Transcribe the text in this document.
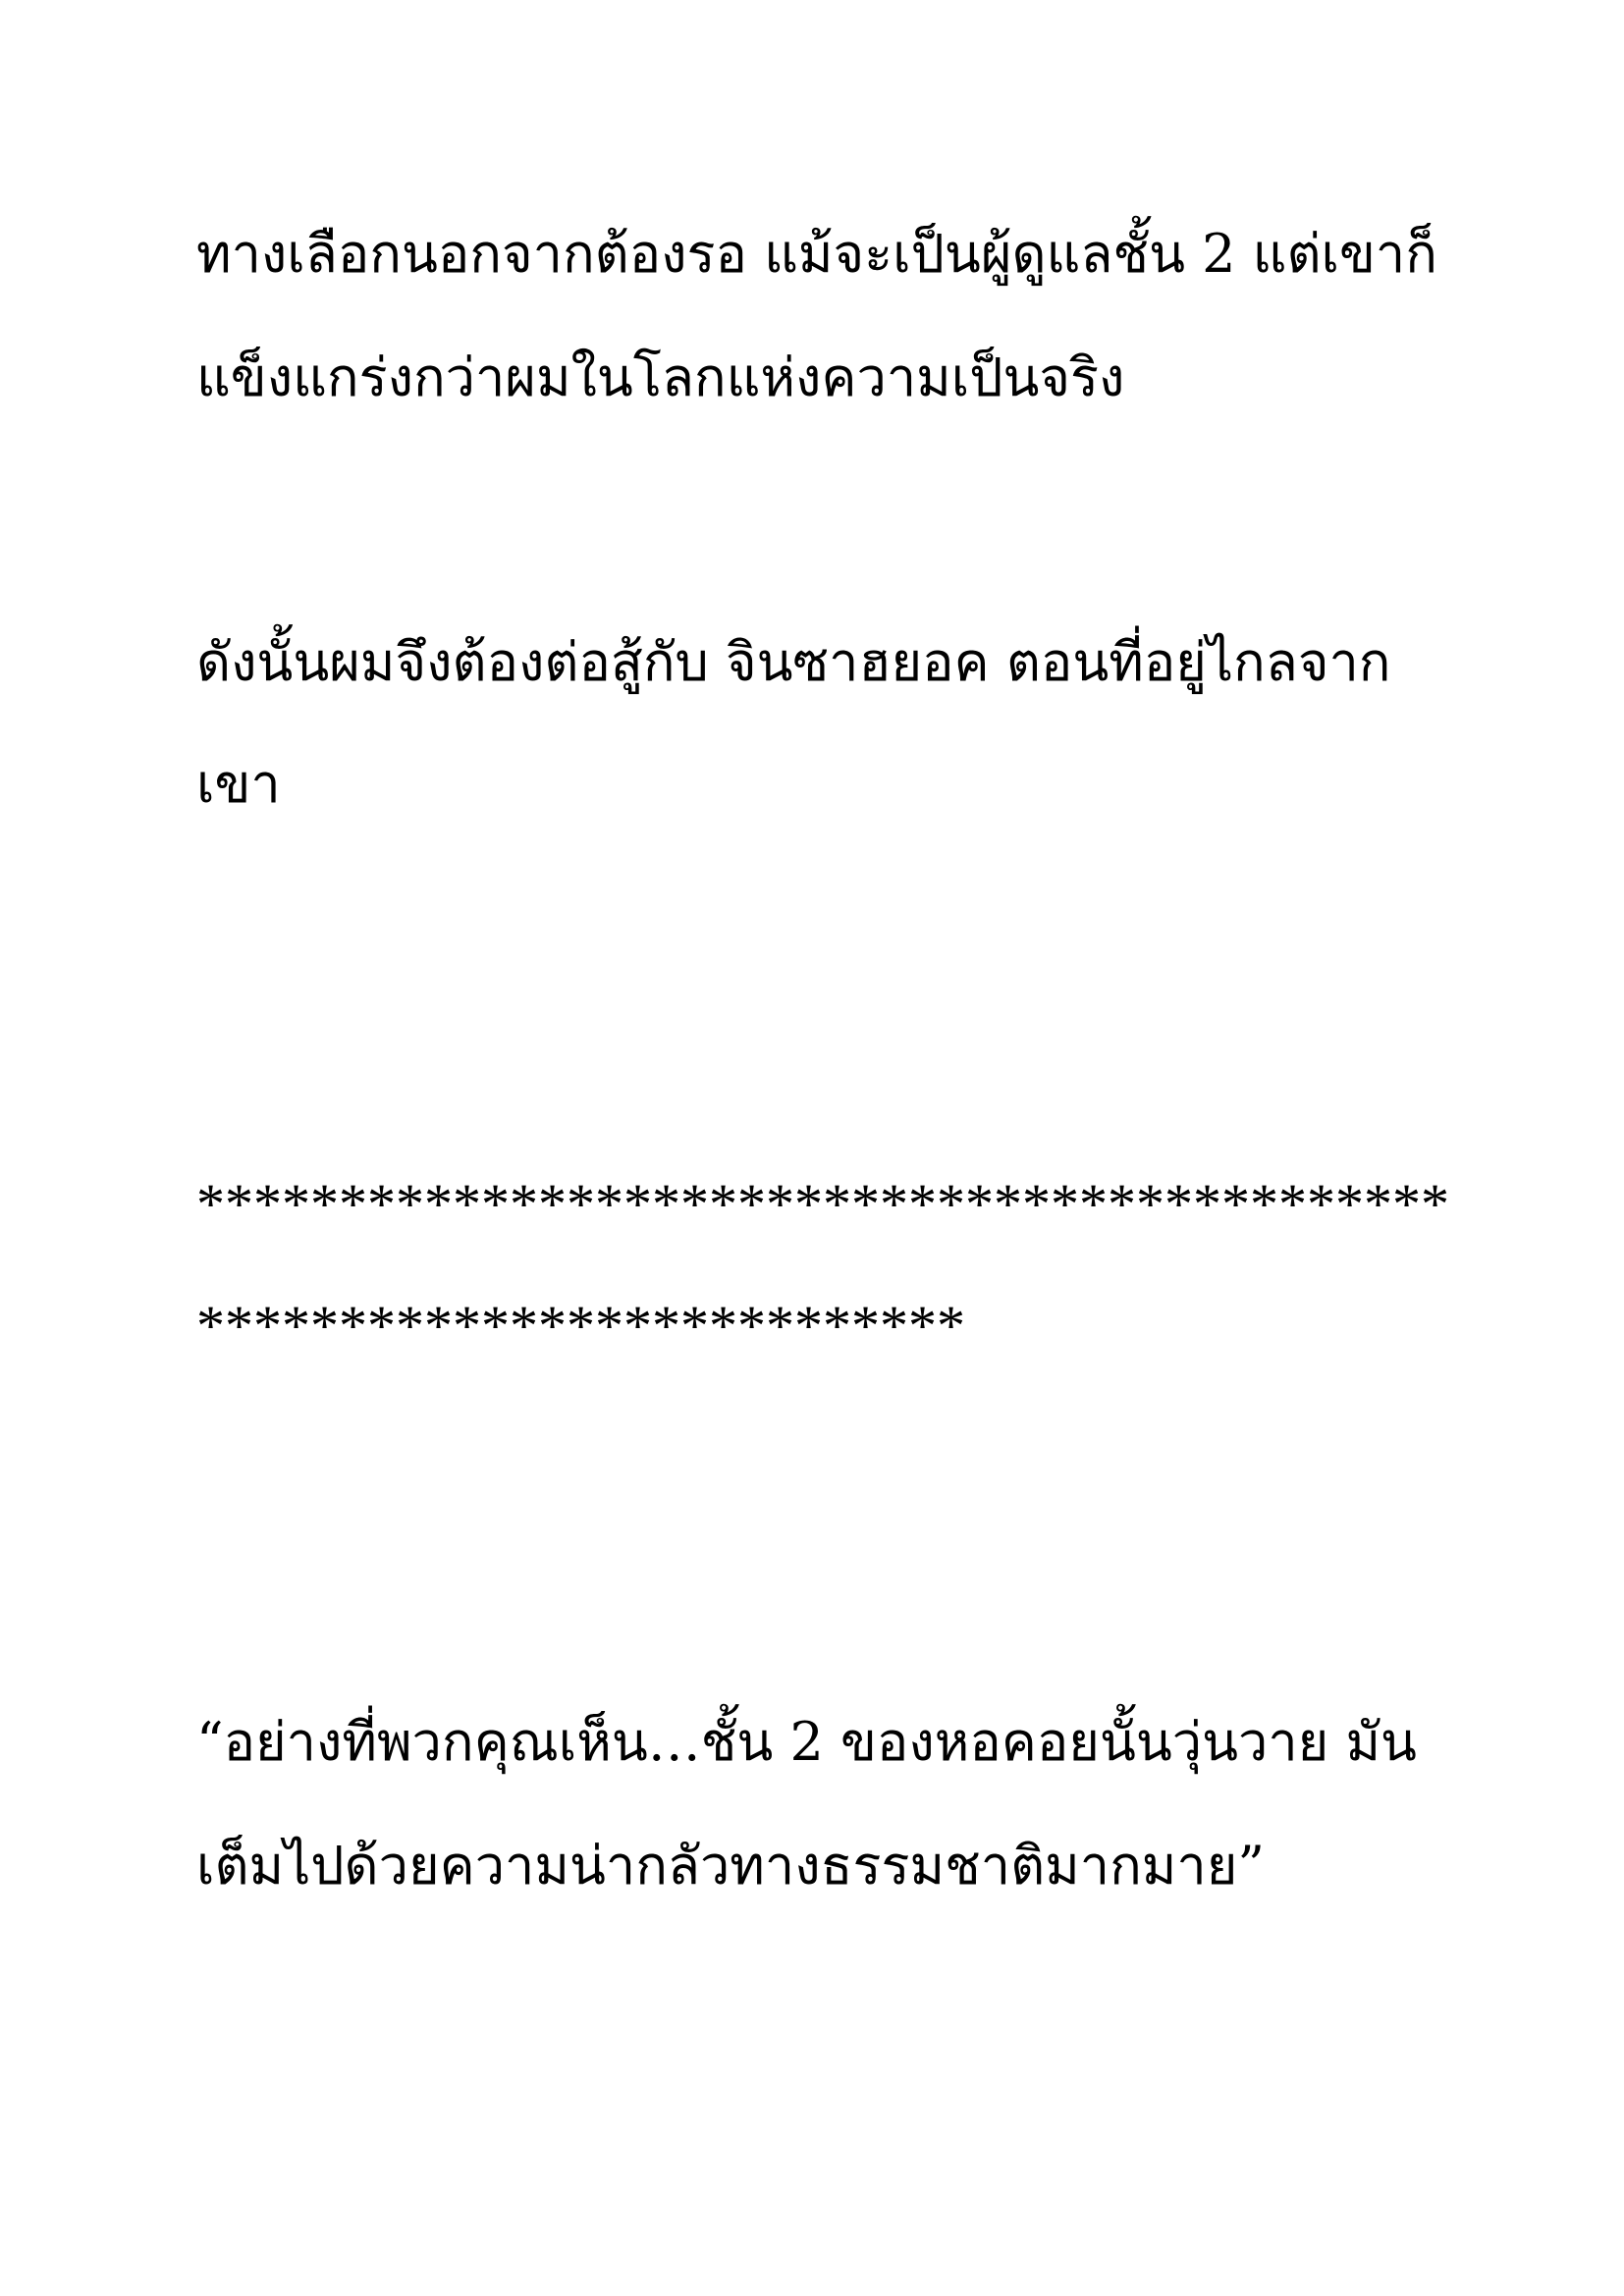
ทางเลือกนอกจากต้องรอ แม้จะเป็นผู้ดูแลชั้น 2 แต่เขาก็
แข็งแกร่งกว่าผมในโลกแห่งความเป็นจริง
ดังนั้นผมจึงต้องต่อสู้กับ จินซาฮยอค ตอนที่อยู่ไกลจาก
เขา
********************************************
***************************
“อย่างที่พวกคุณเห็น…ชั้น 2 ของหอคอยนั้นวุ่นวาย มัน
เต็มไปด้วยความน่ากลัวทางธรรมชาติมากมาย”
